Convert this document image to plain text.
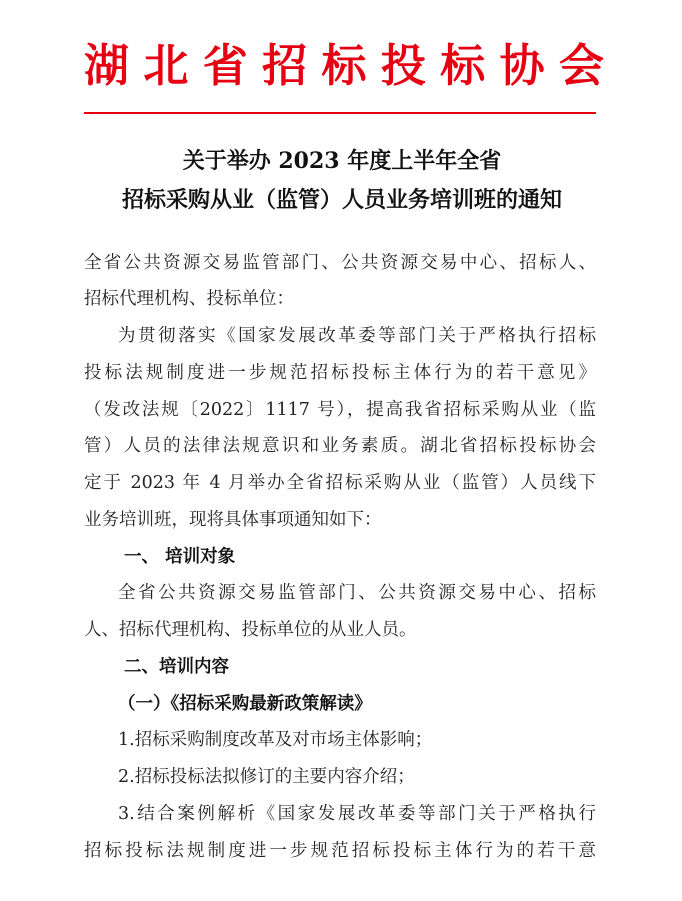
湖北省招标投标协会
关于举办 2023 年度上半年全省
招标采购从业（监管）人员业务培训班的通知
全省公共资源交易监管部门、公共资源交易中心、招标人、
招标代理机构、投标单位：
为贯彻落实《国家发展改革委等部门关于严格执行招标
投标法规制度进一步规范招标投标主体行为的若干意见》
（发改法规〔2022〕1117 号），提高我省招标采购从业（监
管）人员的法律法规意识和业务素质。湖北省招标投标协会
定于 2023 年 4 月举办全省招标采购从业（监管）人员线下
业务培训班，现将具体事项通知如下：
一、 培训对象
全省公共资源交易监管部门、公共资源交易中心、招标
人、招标代理机构、投标单位的从业人员。
二、培训内容
（一）《招标采购最新政策解读》
1.招标采购制度改革及对市场主体影响；
2.招标投标法拟修订的主要内容介绍；
3.结合案例解析《国家发展改革委等部门关于严格执行
招标投标法规制度进一步规范招标投标主体行为的若干意
